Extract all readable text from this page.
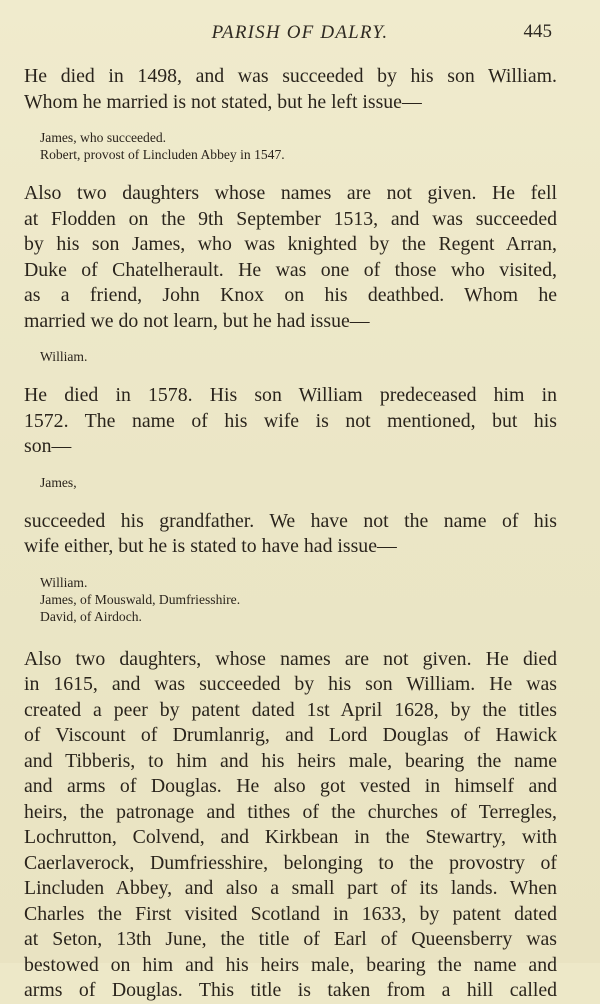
PARISH OF DALRY.	445

He died in 1498, and was succeeded by his son William.
Whom he married is not stated, but he left issue—

James, who succeeded.
Robert, provost of Lincluden Abbey in 1547.

Also two daughters whose names are not given. He fell
at Flodden on the 9th September 1513, and was succeeded
by his son James, who was knighted by the Regent Arran,
Duke of Chatelherault. He was one of those who visited,
as a friend, John Knox on his deathbed. Whom he
married we do not learn, but he had issue—

William.

He died in 1578. His son William predeceased him in
1572. The name of his wife is not mentioned, but his
son—

James,

succeeded his grandfather. We have not the name of his
wife either, but he is stated to have had issue—

William.
James, of Mouswald, Dumfriesshire.
David, of Airdoch.

Also two daughters, whose names are not given. He died
in 1615, and was succeeded by his son William. He was
created a peer by patent dated 1st April 1628, by the titles
of Viscount of Drumlanrig, and Lord Douglas of Hawick
and Tibberis, to him and his heirs male, bearing the name
and arms of Douglas. He also got vested in himself and
heirs, the patronage and tithes of the churches of Terregles,
Lochrutton, Colvend, and Kirkbean in the Stewartry, with
Caerlaverock, Dumfriesshire, belonging to the provostry of
Lincluden Abbey, and also a small part of its lands. When
Charles the First visited Scotland in 1633, by patent dated
at Seton, 13th June, the title of Earl of Queensberry was
bestowed on him and his heirs male, bearing the name and
arms of Douglas. This title is taken from a hill called
